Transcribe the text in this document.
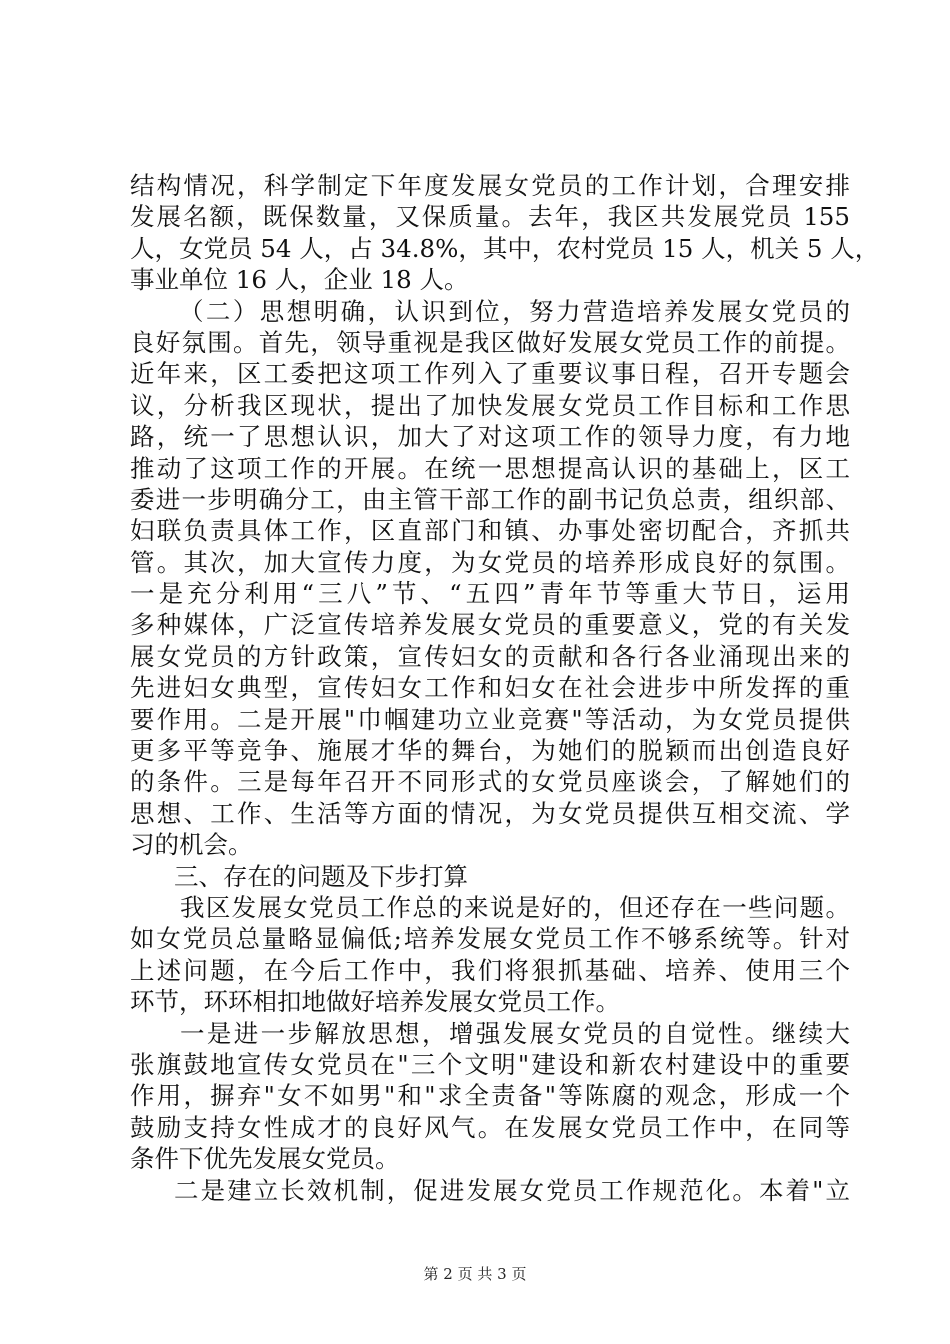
结构情况，科学制定下年度发展女党员的工作计划，合理安排
发展名额，既保数量，又保质量。去年，我区共发展党员 155
人，女党员 54 人，占 34.8%，其中，农村党员 15 人，机关 5 人，
事业单位 16 人，企业 18 人。
（二）思想明确，认识到位，努力营造培养发展女党员的
良好氛围。首先，领导重视是我区做好发展女党员工作的前提。
近年来，区工委把这项工作列入了重要议事日程，召开专题会
议，分析我区现状，提出了加快发展女党员工作目标和工作思
路，统一了思想认识，加大了对这项工作的领导力度，有力地
推动了这项工作的开展。在统一思想提高认识的基础上，区工
委进一步明确分工，由主管干部工作的副书记负总责，组织部、
妇联负责具体工作，区直部门和镇、办事处密切配合，齐抓共
管。其次，加大宣传力度，为女党员的培养形成良好的氛围。
一是充分利用“三八”节、“五四”青年节等重大节日，运用
多种媒体，广泛宣传培养发展女党员的重要意义，党的有关发
展女党员的方针政策，宣传妇女的贡献和各行各业涌现出来的
先进妇女典型，宣传妇女工作和妇女在社会进步中所发挥的重
要作用。二是开展"巾帼建功立业竞赛"等活动，为女党员提供
更多平等竞争、施展才华的舞台，为她们的脱颖而出创造良好
的条件。三是每年召开不同形式的女党员座谈会，了解她们的
思想、工作、生活等方面的情况，为女党员提供互相交流、学
习的机会。
三、存在的问题及下步打算
我区发展女党员工作总的来说是好的，但还存在一些问题。
如女党员总量略显偏低;培养发展女党员工作不够系统等。针对
上述问题，在今后工作中，我们将狠抓基础、培养、使用三个
环节，环环相扣地做好培养发展女党员工作。
一是进一步解放思想，增强发展女党员的自觉性。继续大
张旗鼓地宣传女党员在"三个文明"建设和新农村建设中的重要
作用，摒弃"女不如男"和"求全责备"等陈腐的观念，形成一个
鼓励支持女性成才的良好风气。在发展女党员工作中，在同等
条件下优先发展女党员。
二是建立长效机制，促进发展女党员工作规范化。本着"立
第 2 页 共 3 页
